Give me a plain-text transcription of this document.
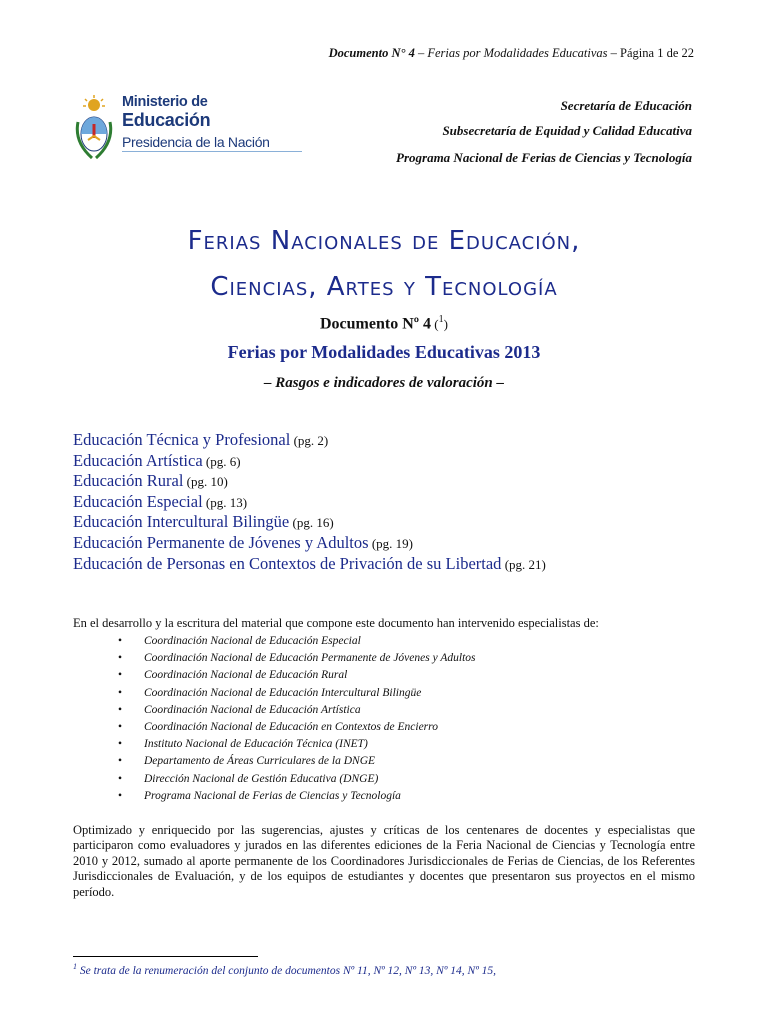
Documento N° 4 – Ferias por Modalidades Educativas – Página 1 de 22
Ministerio de
Educación
Presidencia de la Nación
Secretaría de Educación
Subsecretaría de Equidad y Calidad Educativa
Programa Nacional de Ferias de Ciencias y Tecnología
Ferias Nacionales de Educación,
Ciencias, Artes y Tecnología
Documento Nº 4 ($^1$)
Ferias por Modalidades Educativas 2013
– Rasgos e indicadores de valoración –
Educación Técnica y Profesional (pg. 2)
Educación Artística (pg. 6)
Educación Rural (pg. 10)
Educación Especial (pg. 13)
Educación Intercultural Bilingüe (pg. 16)
Educación Permanente de Jóvenes y Adultos (pg. 19)
Educación de Personas en Contextos de Privación de su Libertad (pg. 21)
En el desarrollo y la escritura del material que compone este documento han intervenido especialistas de:
• Coordinación Nacional de Educación Especial
• Coordinación Nacional de Educación Permanente de Jóvenes y Adultos
• Coordinación Nacional de Educación Rural
• Coordinación Nacional de Educación Intercultural Bilingüe
• Coordinación Nacional de Educación Artística
• Coordinación Nacional de Educación en Contextos de Encierro
• Instituto Nacional de Educación Técnica (INET)
• Departamento de Áreas Curriculares de la DNGE
• Dirección Nacional de Gestión Educativa (DNGE)
• Programa Nacional de Ferias de Ciencias y Tecnología
Optimizado y enriquecido por las sugerencias, ajustes y críticas de los centenares de docentes y especialistas que participaron como evaluadores y jurados en las diferentes ediciones de la Feria Nacional de Ciencias y Tecnología entre 2010 y 2012, sumado al aporte permanente de los Coordinadores Jurisdiccionales de Ferias de Ciencias, de los Referentes Jurisdiccionales de Evaluación, y de los equipos de estudiantes y docentes que presentaron sus proyectos en el mismo período.
$^1$ Se trata de la renumeración del conjunto de documentos Nº 11, Nº 12, Nº 13, Nº 14, Nº 15,
